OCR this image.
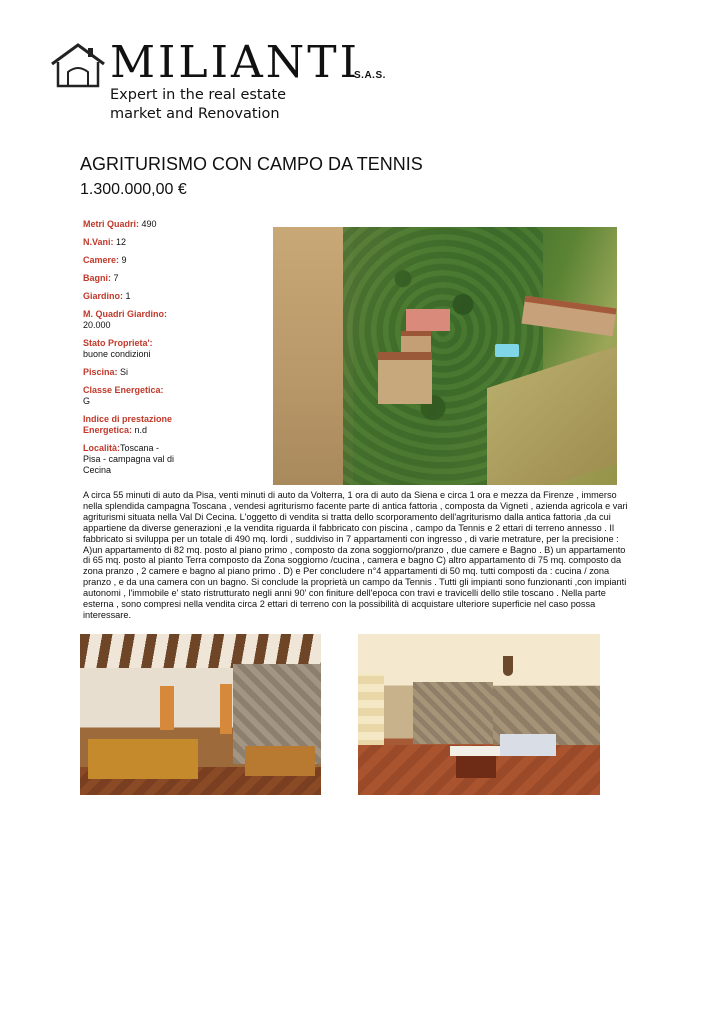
MILIANTI
S.A.S.
Expert in the real estate
market and Renovation
AGRITURISMO CON CAMPO DA TENNIS
1.300.000,00 €
Metri Quadri: 490
N.Vani: 12
Camere: 9
Bagni: 7
Giardino: 1
M. Quadri Giardino: 20.000
Stato Proprieta':
buone condizioni
Piscina: Si
Classe Energetica:
G
Indice di prestazione Energetica: n.d
Località:Toscana - Pisa - campagna val di Cecina
A circa 55 minuti di auto da Pisa, venti minuti di auto da Volterra, 1 ora di auto da Siena e circa 1 ora e mezza da Firenze , immerso nella splendida campagna Toscana , vendesi agriturismo facente parte di antica fattoria , composta da Vigneti , azienda agricola e vari agriturismi situata nella Val Di Cecina. L'oggetto di vendita si tratta dello scorporamento dell'agriturismo dalla antica fattoria ,da cui appartiene da diverse generazioni ,e la vendita riguarda il fabbricato con piscina , campo da Tennis e 2 ettari di terreno annesso . Il fabbricato si sviluppa per un totale di 490 mq. lordi , suddiviso in 7 appartamenti con ingresso , di varie metrature, per la precisione : A)un appartamento di 82 mq. posto al piano primo , composto da zona soggiorno/pranzo , due camere e Bagno . B) un appartamento di 65 mq. posto al pianto Terra composto da Zona soggiorno /cucina , camera e bagno C) altro appartamento di 75 mq. composto da zona pranzo , 2 camere e bagno al piano primo . D) e Per concludere n°4 appartamenti di 50 mq. tutti composti da : cucina / zona pranzo , e da una camera con un bagno. Si conclude la proprietà un campo da Tennis . Tutti gli impianti sono funzionanti ,con impianti autonomi , l'immobile e' stato ristrutturato negli anni 90' con finiture dell'epoca con travi e travicelli dello stile toscano . Nella parte esterna , sono compresi nella vendita circa 2 ettari di terreno con la possibilità di acquistare ulteriore superficie nel caso possa interessare.
